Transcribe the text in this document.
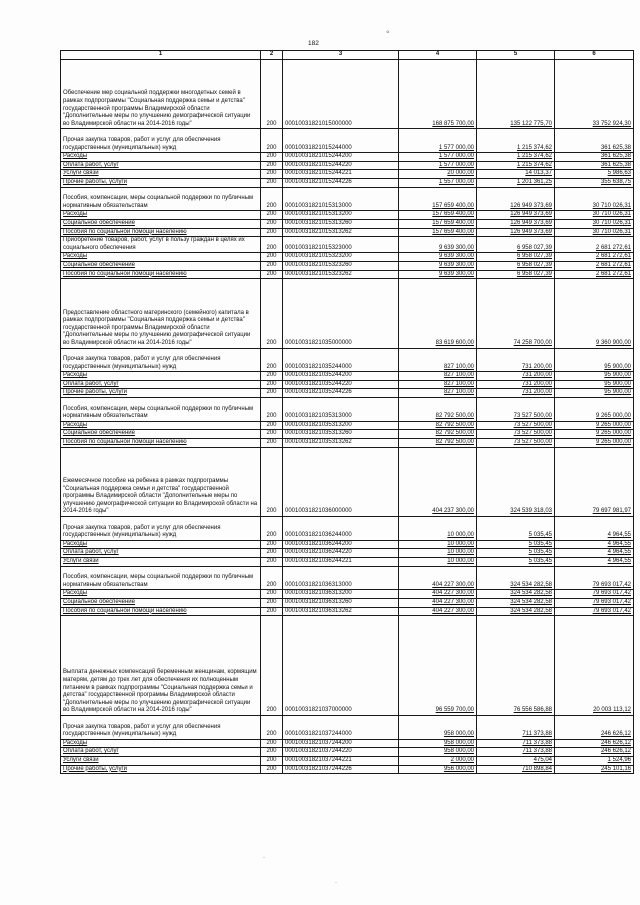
182
°
1	2	3	4	5	6
Обеспечение мер социальной поддержки многодетных семей в рамках подпрограммы "Социальная поддержка семьи и детства" государственной программы Владимирской области "Дополнительные меры по улучшению демографической ситуации во Владимирской области на 2014-2016 годы"	200	00010031821015000000	168 875 700,00	135 122 775,70	33 752 924,30
Прочая закупка товаров, работ и услуг для обеспечения государственных (муниципальных) нужд	200	00010031821015244000	1 577 000,00	1 215 374,62	361 625,38
Расходы	200	00010031821015244200	1 577 000,00	1 215 374,62	361 625,38
Оплата работ, услуг	200	00010031821015244220	1 577 000,00	1 215 374,62	361 625,38
Услуги связи	200	00010031821015244221	20 000,00	14 013,37	5 986,63
Прочие работы, услуги	200	00010031821015244226	1 557 000,00	1 201 361,25	355 638,75
Пособия, компенсации, меры социальной поддержки по публичным нормативным обязательствам	200	00010031821015313000	157 659 400,00	126 949 373,69	30 710 026,31
Расходы	200	00010031821015313200	157 659 400,00	126 949 373,69	30 710 026,31
Социальное обеспечение	200	00010031821015313260	157 659 400,00	126 949 373,69	30 710 026,31
Пособия по социальной помощи населению	200	00010031821015313262	157 659 400,00	126 949 373,69	30 710 026,31
Приобретение товаров, работ, услуг в пользу граждан в целях их социального обеспечения	200	00010031821015323000	9 639 300,00	6 958 027,39	2 681 272,61
Расходы	200	00010031821015323200	9 639 300,00	6 958 027,39	2 681 272,61
Социальное обеспечение	200	00010031821015323260	9 639 300,00	6 958 027,39	2 681 272,61
Пособия по социальной помощи населению	200	00010031821015323262	9 639 300,00	6 958 027,39	2 681 272,61
Предоставление областного материнского (семейного) капитала в рамках подпрограммы "Социальная поддержка семьи и детства" государственной программы Владимирской области "Дополнительные меры по улучшению демографической ситуации во Владимирской области на 2014-2016 годы"	200	00010031821035000000	83 619 600,00	74 258 700,00	9 360 900,00
Прочая закупка товаров, работ и услуг для обеспечения государственных (муниципальных) нужд	200	00010031821035244000	827 100,00	731 200,00	95 900,00
Расходы	200	00010031821035244200	827 100,00	731 200,00	95 900,00
Оплата работ, услуг	200	00010031821035244220	827 100,00	731 200,00	95 900,00
Прочие работы, услуги	200	00010031821035244226	827 100,00	731 200,00	95 900,00
Пособия, компенсации, меры социальной поддержки по публичным нормативным обязательствам	200	00010031821035313000	82 792 500,00	73 527 500,00	9 265 000,00
Расходы	200	00010031821035313200	82 792 500,00	73 527 500,00	9 265 000,00
Социальное обеспечение	200	00010031821035313260	82 792 500,00	73 527 500,00	9 265 000,00
Пособия по социальной помощи населению	200	00010031821035313262	82 792 500,00	73 527 500,00	9 265 000,00
Ежемесячное пособие на ребенка в рамках подпрограммы "Социальная поддержка семьи и детства" государственной программы Владимирской области "Дополнительные меры по улучшению демографической ситуации во Владимирской области на 2014-2016 годы"	200	00010031821036000000	404 237 300,00	324 539 318,03	79 697 981,97
Прочая закупка товаров, работ и услуг для обеспечения государственных (муниципальных) нужд	200	00010031821036244000	10 000,00	5 035,45	4 964,55
Расходы	200	00010031821036244200	10 000,00	5 035,45	4 964,55
Оплата работ, услуг	200	00010031821036244220	10 000,00	5 035,45	4 964,55
Услуги связи	200	00010031821036244221	10 000,00	5 035,45	4 964,55
Пособия, компенсации, меры социальной поддержки по публичным нормативным обязательствам	200	00010031821036313000	404 227 300,00	324 534 282,58	79 693 017,42
Расходы	200	00010031821036313200	404 227 300,00	324 534 282,58	79 693 017,42
Социальное обеспечение	200	00010031821036313260	404 227 300,00	324 534 282,58	79 693 017,42
Пособия по социальной помощи населению	200	00010031821036313262	404 227 300,00	324 534 282,58	79 693 017,42
Выплата денежных компенсаций беременным женщинам, кормящим матерям, детям до трех лет для обеспечения их полноценным питанием в рамках подпрограммы "Социальная поддержка семьи и детства" государственной программы Владимирской области "Дополнительные меры по улучшению демографической ситуации во Владимирской области на 2014-2016 годы"	200	00010031821037000000	96 559 700,00	76 556 586,88	20 003 113,12
Прочая закупка товаров, работ и услуг для обеспечения государственных (муниципальных) нужд	200	00010031821037244000	958 000,00	711 373,88	246 626,12
Расходы	200	00010031821037244200	958 000,00	711 373,88	246 626,12
Оплата работ, услуг	200	00010031821037244220	958 000,00	711 373,88	246 626,12
Услуги связи	200	00010031821037244221	2 000,00	475,04	1 524,96
Прочие работы, услуги	200	00010031821037244226	956 000,00	710 898,84	245 101,16
·
·
